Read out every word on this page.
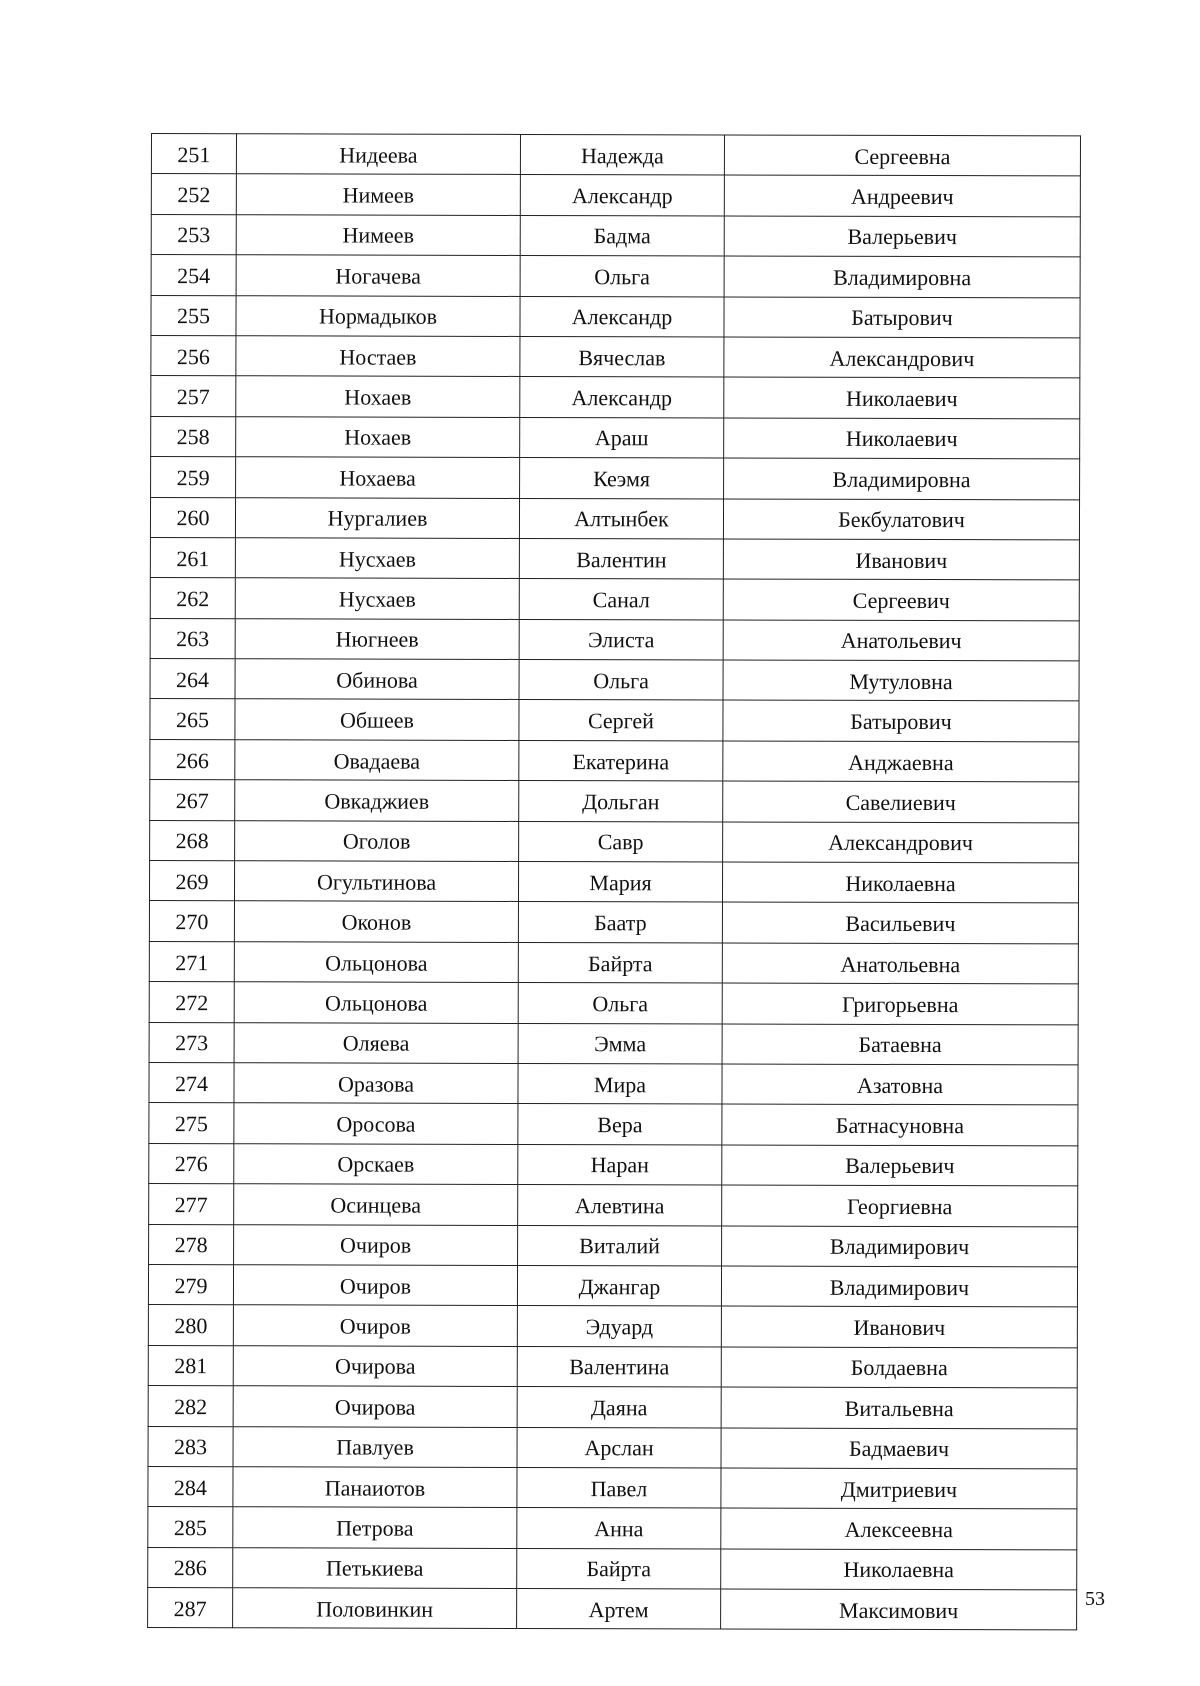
251	Нидеева	Надежда	Сергеевна
252	Нимеев	Александр	Андреевич
253	Нимеев	Бадма	Валерьевич
254	Ногачева	Ольга	Владимировна
255	Нормадыков	Александр	Батырович
256	Ностаев	Вячеслав	Александрович
257	Нохаев	Александр	Николаевич
258	Нохаев	Араш	Николаевич
259	Нохаева	Кеэмя	Владимировна
260	Нургалиев	Алтынбек	Бекбулатович
261	Нусхаев	Валентин	Иванович
262	Нусхаев	Санал	Сергеевич
263	Нюгнеев	Элиста	Анатольевич
264	Обинова	Ольга	Мутуловна
265	Обшеев	Сергей	Батырович
266	Овадаева	Екатерина	Анджаевна
267	Овкаджиев	Дольган	Савелиевич
268	Оголов	Савр	Александрович
269	Огультинова	Мария	Николаевна
270	Оконов	Баатр	Васильевич
271	Ольцонова	Байрта	Анатольевна
272	Ольцонова	Ольга	Григорьевна
273	Оляева	Эмма	Батаевна
274	Оразова	Мира	Азатовна
275	Оросова	Вера	Батнасуновна
276	Орскаев	Наран	Валерьевич
277	Осинцева	Алевтина	Георгиевна
278	Очиров	Виталий	Владимирович
279	Очиров	Джангар	Владимирович
280	Очиров	Эдуард	Иванович
281	Очирова	Валентина	Болдаевна
282	Очирова	Даяна	Витальевна
283	Павлуев	Арслан	Бадмаевич
284	Панаиотов	Павел	Дмитриевич
285	Петрова	Анна	Алексеевна
286	Петькиева	Байрта	Николаевна
287	Половинкин	Артем	Максимович	53
